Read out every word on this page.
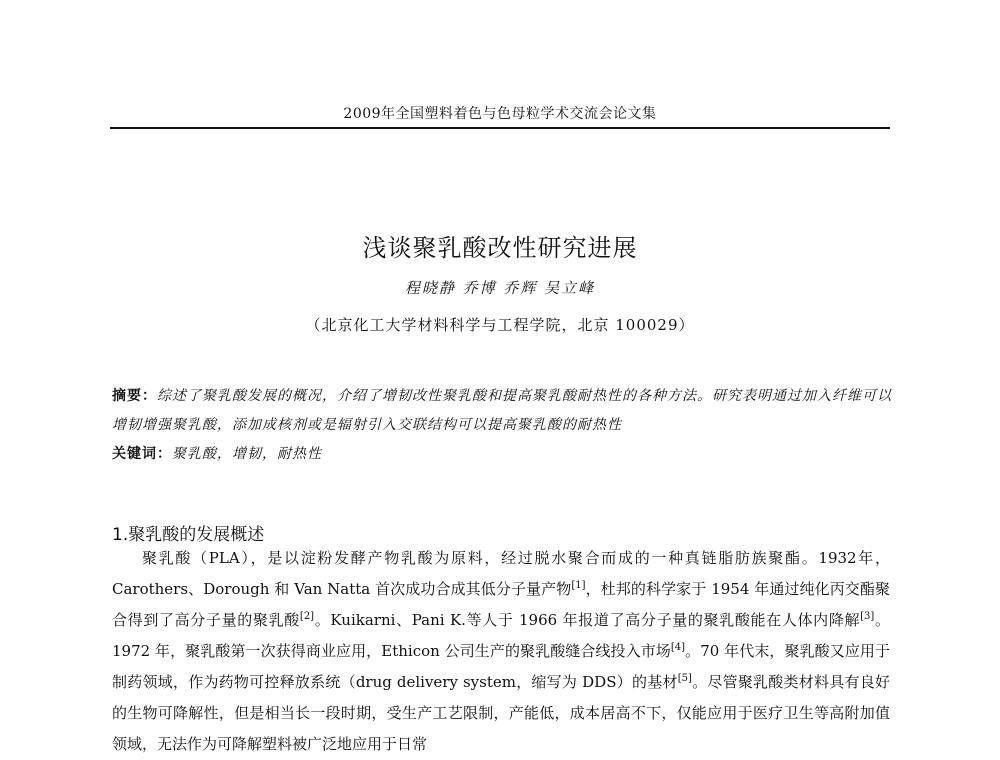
2009年全国塑料着色与色母粒学术交流会论文集
浅谈聚乳酸改性研究进展
程晓静 乔博 乔辉 吴立峰
（北京化工大学材料科学与工程学院，北京 100029）

摘要：综述了聚乳酸发展的概况，介绍了增韧改性聚乳酸和提高聚乳酸耐热性的各种方法。研究表明通过加入纤维可以增韧增强聚乳酸，添加成核剂或是辐射引入交联结构可以提高聚乳酸的耐热性

关键词：聚乳酸，增韧，耐热性

1.聚乳酸的发展概述

聚乳酸（PLA），是以淀粉发酵产物乳酸为原料，经过脱水聚合而成的一种真链脂肪族聚酯。1932年，Carothers、Dorough 和 Van Natta 首次成功合成其低分子量产物[1]，杜邦的科学家于 1954 年通过纯化丙交酯聚合得到了高分子量的聚乳酸[2]。Kuikarni、Pani K.等人于 1966 年报道了高分子量的聚乳酸能在人体内降解[3]。1972 年，聚乳酸第一次获得商业应用，Ethicon 公司生产的聚乳酸缝合线投入市场[4]。70 年代末，聚乳酸又应用于制药领域，作为药物可控释放系统（drug delivery system，缩写为 DDS）的基材[5]。尽管聚乳酸类材料具有良好的生物可降解性，但是相当长一段时期，受生产工艺限制，产能低，成本居高不下，仅能应用于医疗卫生等高附加值领域，无法作为可降解塑料被广泛地应用于日常
